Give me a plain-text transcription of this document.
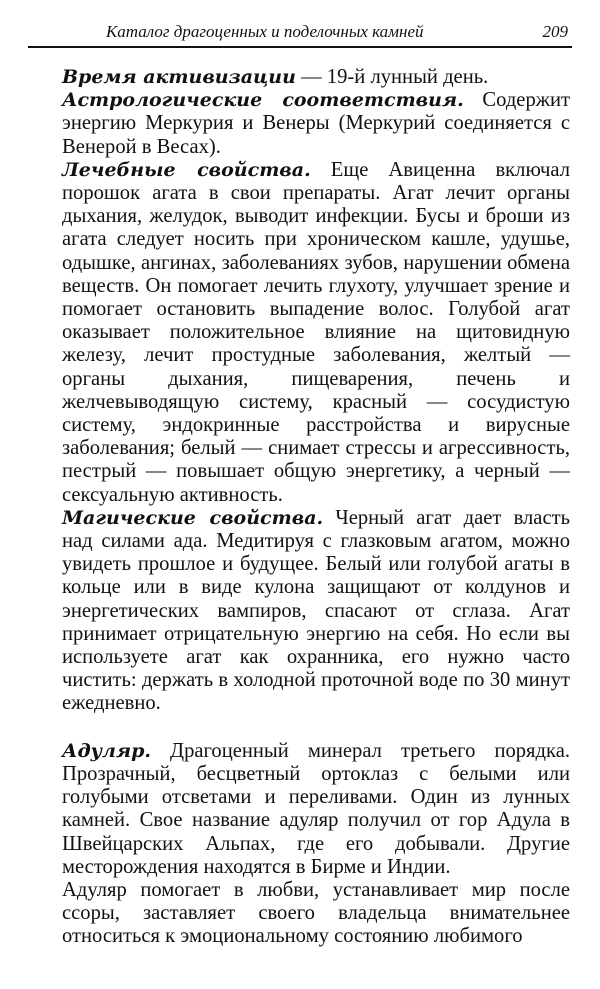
Каталог драгоценных и поделочных камней	209

Время активизации — 19-й лунный день.

Астрологические соответствия. Содержит энергию Меркурия и Венеры (Меркурий соединяется с Венерой в Весах).

Лечебные свойства. Еще Авиценна включал порошок агата в свои препараты. Агат лечит органы дыхания, желудок, выводит инфекции. Бусы и броши из агата следует носить при хроническом кашле, удушье, одышке, ангинах, заболеваниях зубов, нарушении обмена веществ. Он помогает лечить глухоту, улучшает зрение и помогает остановить выпадение волос. Голубой агат оказывает положительное влияние на щитовидную железу, лечит простудные заболевания, желтый — органы дыхания, пищеварения, печень и желчевыводящую систему, красный — сосудистую систему, эндокринные расстройства и вирусные заболевания; белый — снимает стрессы и агрессивность, пестрый — повышает общую энергетику, а черный — сексуальную активность.

Магические свойства. Черный агат дает власть над силами ада. Медитируя с глазковым агатом, можно увидеть прошлое и будущее. Белый или голубой агаты в кольце или в виде кулона защищают от колдунов и энергетических вампиров, спасают от сглаза. Агат принимает отрицательную энергию на себя. Но если вы используете агат как охранника, его нужно часто чистить: держать в холодной проточной воде по 30 минут ежедневно.

Адуляр. Драгоценный минерал третьего порядка. Прозрачный, бесцветный ортоклаз с белыми или голубыми отсветами и переливами. Один из лунных камней. Свое название адуляр получил от гор Адула в Швейцарских Альпах, где его добывали. Другие месторождения находятся в Бирме и Индии.

Адуляр помогает в любви, устанавливает мир после ссоры, заставляет своего владельца внимательнее относиться к эмоциональному состоянию любимого
